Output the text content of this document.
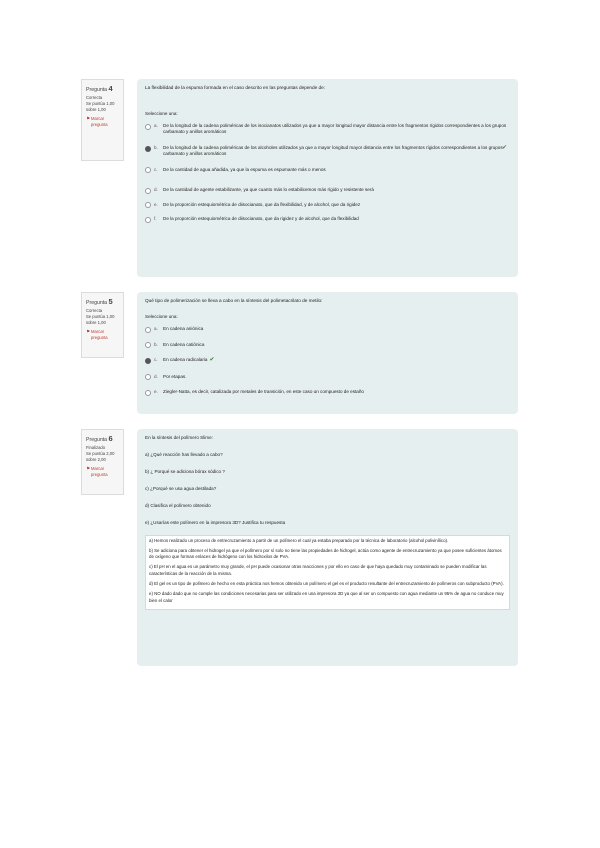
Pregunta 4
Correcta
Se puntúa 1,00 sobre 1,00
⚑ Marcar pregunta
La flexibilidad de la espuma formada en el caso descrito en las preguntas depende de:
Seleccione una:
a.	De la longitud de la cadena poliméricas de los isocianatos utilizados ya que a mayor longitud mayor distancia entre los fragmentos rígidos correspondientes a los grupos carbamato y anillos aromáticos
b.	De la longitud de la cadena poliméricas de los alcoholes utilizados ya que a mayor longitud mayor distancia entre los fragmentos rígidos correspondientes a los grupos carbamato y anillos aromáticos
✔
c.	De la cantidad de agua añadida, ya que la espuma es espumante más o menos
d.	De la cantidad de agente estabilizante, ya que cuanto más lo estabilicemos más rígido y resistente será
e.	De la proporción estequiométrica de diisocianato, que da flexibilidad, y de alcohol, que da rigidez
f.	De la proporción estequiométrica de diisocianato, que da rigidez y de alcohol, que da flexibilidad
Pregunta 5
Correcta
Se puntúa 1,00 sobre 1,00
⚑ Marcar pregunta
Qué tipo de polimerización se lleva a cabo en la síntesis del polimetacrilato de metilo:
Seleccione una:
a.	En cadena aniónica
b.	En cadena catiónica
c.	En cadena radicalaria ✔
d.	Por etapas.
e.	Ziegler-Natta, es decir, catalizada por metales de transición, en este caso un compuesto de estaño
Pregunta 6
Finalizado
Se puntúa 2,00 sobre 2,00
⚑ Marcar pregunta
En la síntesis del polímero Slime:
a) ¿Qué reacción has llevado a cabo?
b) ¿ Porqué se adiciona bórax sódico ?
c) ¿Porqué se usa agua destilada?
d) Clasifica el polímero obtenido
e) ¿Usarías este polímero en la impresora 3D? Justifica tu respuesta

a) Hemos realizado un proceso de entrecruzamiento a partir de un polímero el cual ya estaba preparado por la técnica de laboratorio (alcohol polivinílico).

b) Se adiciona para obtener el hidrogel ya que el polímero por sí solo no tiene las propiedades de hidrogel, actúa como agente de entrecruzamiento ya que posee suficientes átomos de oxígeno que forman enlaces de hidrógeno con los hidroxilos de PVA.

c) El pH en el agua es un parámetro muy grande, el pH puede ocasionar otras reacciones y por ello en caso de que haya quedado muy contaminado se pueden modificar las características de la reacción de la misma.

d) El gel es un tipo de polímero de hecho en esta práctica nos hemos obtenido un polímero el gel es el producto resultante del entrecruzamiento de polímeros con subproducto (PVA).

e) NO dado dado que no cumple las condiciones necesarias para ser utilizado en una impresora 3D ya que al ser un compuesto con agua mediante un 95% de agua no conduce muy bien el calor
